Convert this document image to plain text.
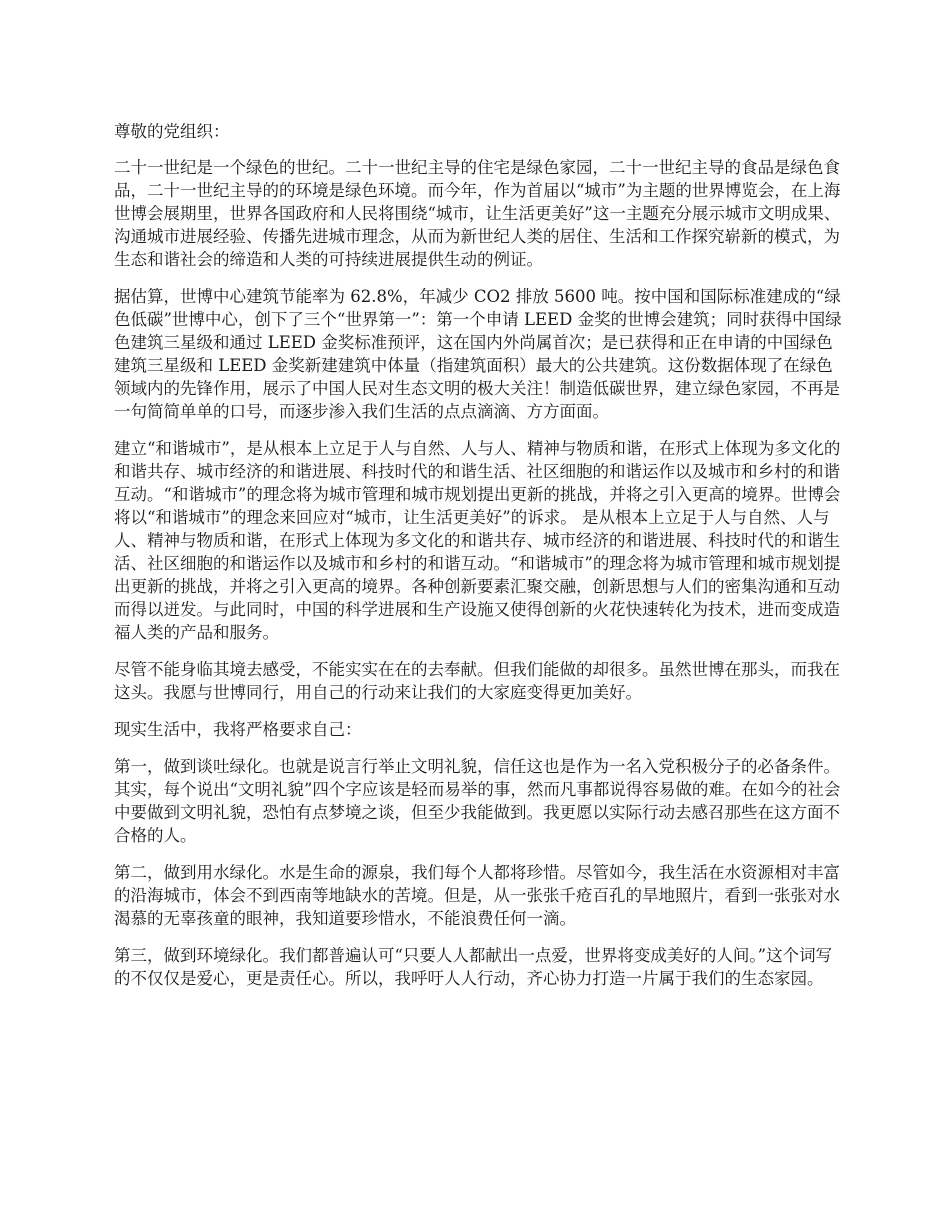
尊敬的党组织：

二十一世纪是一个绿色的世纪。二十一世纪主导的住宅是绿色家园，二十一世纪主导的食品是绿色食品，二十一世纪主导的的环境是绿色环境。而今年，作为首届以“城市”为主题的世界博览会，在上海世博会展期里，世界各国政府和人民将围绕“城市，让生活更美好”这一主题充分展示城市文明成果、沟通城市进展经验、传播先进城市理念，从而为新世纪人类的居住、生活和工作探究崭新的模式，为生态和谐社会的缔造和人类的可持续进展提供生动的例证。

据估算，世博中心建筑节能率为 62.8%，年减少 CO2 排放 5600 吨。按中国和国际标准建成的“绿色低碳”世博中心，创下了三个“世界第一”：第一个申请 LEED 金奖的世博会建筑；同时获得中国绿色建筑三星级和通过 LEED 金奖标准预评，这在国内外尚属首次；是已获得和正在申请的中国绿色建筑三星级和 LEED 金奖新建建筑中体量（指建筑面积）最大的公共建筑。这份数据体现了在绿色领域内的先锋作用，展示了中国人民对生态文明的极大关注！制造低碳世界，建立绿色家园，不再是一句简简单单的口号，而逐步渗入我们生活的点点滴滴、方方面面。

建立“和谐城市”，是从根本上立足于人与自然、人与人、精神与物质和谐，在形式上体现为多文化的和谐共存、城市经济的和谐进展、科技时代的和谐生活、社区细胞的和谐运作以及城市和乡村的和谐互动。“和谐城市”的理念将为城市管理和城市规划提出更新的挑战，并将之引入更高的境界。世博会将以“和谐城市”的理念来回应对“城市，让生活更美好”的诉求。 是从根本上立足于人与自然、人与人、精神与物质和谐，在形式上体现为多文化的和谐共存、城市经济的和谐进展、科技时代的和谐生活、社区细胞的和谐运作以及城市和乡村的和谐互动。“和谐城市”的理念将为城市管理和城市规划提出更新的挑战，并将之引入更高的境界。各种创新要素汇聚交融，创新思想与人们的密集沟通和互动而得以迸发。与此同时，中国的科学进展和生产设施又使得创新的火花快速转化为技术，进而变成造福人类的产品和服务。

尽管不能身临其境去感受，不能实实在在的去奉献。但我们能做的却很多。虽然世博在那头，而我在这头。我愿与世博同行，用自己的行动来让我们的大家庭变得更加美好。

现实生活中，我将严格要求自己：

第一，做到谈吐绿化。也就是说言行举止文明礼貌，信任这也是作为一名入党积极分子的必备条件。其实，每个说出“文明礼貌”四个字应该是轻而易举的事，然而凡事都说得容易做的难。在如今的社会中要做到文明礼貌，恐怕有点梦境之谈，但至少我能做到。我更愿以实际行动去感召那些在这方面不合格的人。

第二，做到用水绿化。水是生命的源泉，我们每个人都将珍惜。尽管如今，我生活在水资源相对丰富的沿海城市，体会不到西南等地缺水的苦境。但是，从一张张千疮百孔的旱地照片，看到一张张对水渴慕的无辜孩童的眼神，我知道要珍惜水，不能浪费任何一滴。

第三，做到环境绿化。我们都普遍认可“只要人人都献出一点爱，世界将变成美好的人间。”这个词写的不仅仅是爱心，更是责任心。所以，我呼吁人人行动，齐心协力打造一片属于我们的生态家园。
